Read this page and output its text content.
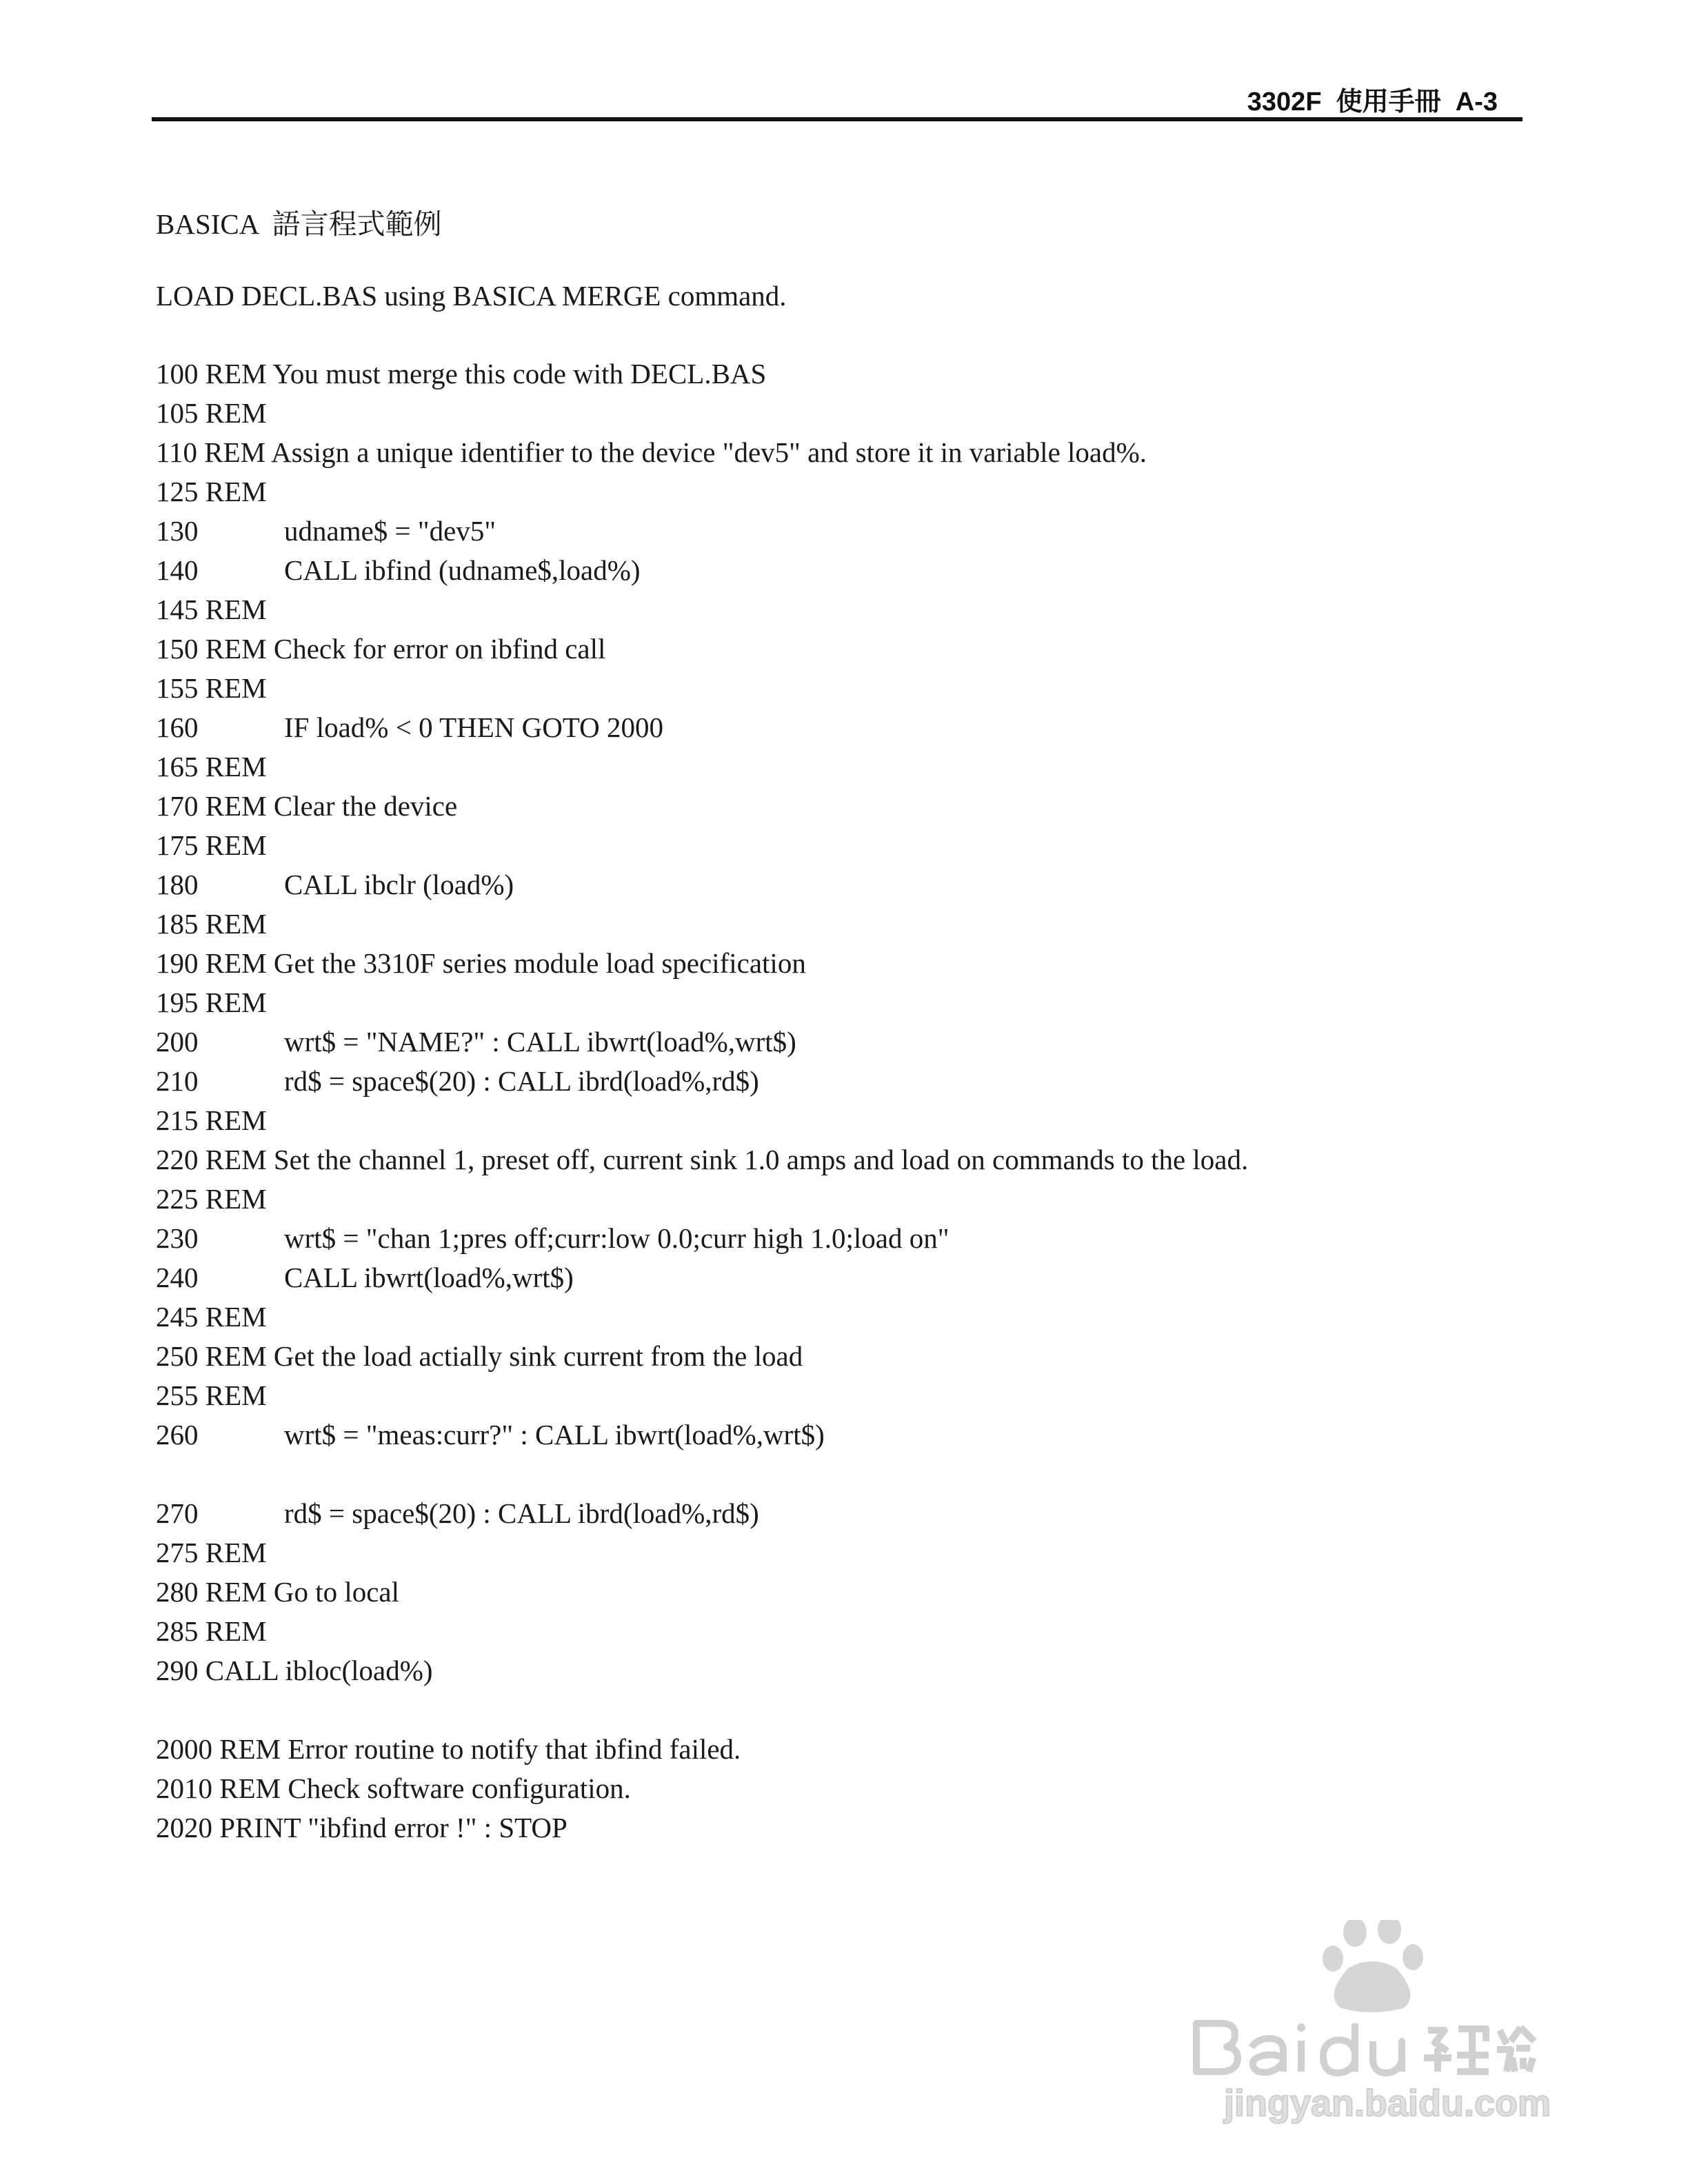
3302F  使用手冊  A-3
BASICA  語言程式範例
LOAD DECL.BAS using BASICA MERGE command.
100 REM You must merge this code with DECL.BAS
105 REM
110 REM Assign a unique identifier to the device "dev5" and store it in variable load%.
125 REM
130	udname$ = "dev5"
140	CALL ibfind (udname$,load%)
145 REM
150 REM Check for error on ibfind call
155 REM
160	IF load% < 0 THEN GOTO 2000
165 REM
170 REM Clear the device
175 REM
180	CALL ibclr (load%)
185 REM
190 REM Get the 3310F series module load specification
195 REM
200	wrt$ = "NAME?" : CALL ibwrt(load%,wrt$)
210	rd$ = space$(20) : CALL ibrd(load%,rd$)
215 REM
220 REM Set the channel 1, preset off, current sink 1.0 amps and load on commands to the load.
225 REM
230	wrt$ = "chan 1;pres off;curr:low 0.0;curr high 1.0;load on"
240	CALL ibwrt(load%,wrt$)
245 REM
250 REM Get the load actially sink current from the load
255 REM
260	wrt$ = "meas:curr?" : CALL ibwrt(load%,wrt$)
270	rd$ = space$(20) : CALL ibrd(load%,rd$)
275 REM
280 REM Go to local
285 REM
290 CALL ibloc(load%)
2000 REM Error routine to notify that ibfind failed.
2010 REM Check software configuration.
2020 PRINT "ibfind error !" : STOP
jingyan.baidu.com
